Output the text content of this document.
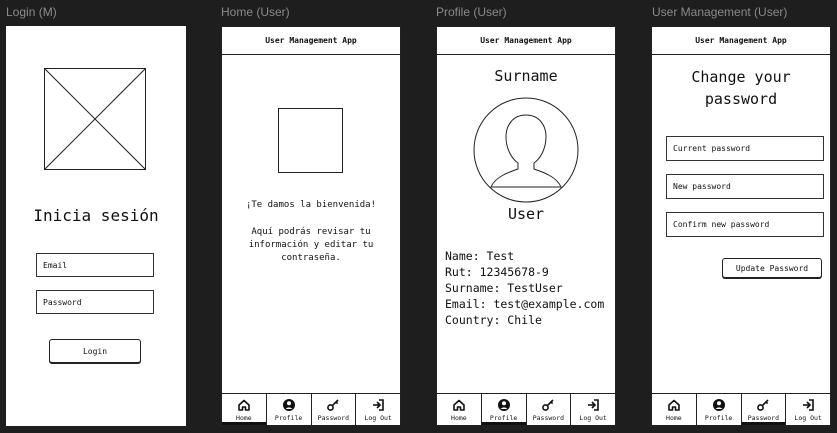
Login (M)
Inicia sesión
Email
Password
Login
Home (User)
User Management App
¡Te damos la bienvenida!
Aquí podrás revisar tu información y editar tu contraseña.
Home	Profile Password Log Out
Profile (User)
User Management App
Surname
User
Name: Test
Rut: 12345678-9
Surname: TestUser
Email: test@example.com
Country: Chile
Home	Profile Password Log Out
User Management (User)
User Management App
Change your
password
Current password
New password
Confirm new password
Update Password
Home	Profile Password Log Out
